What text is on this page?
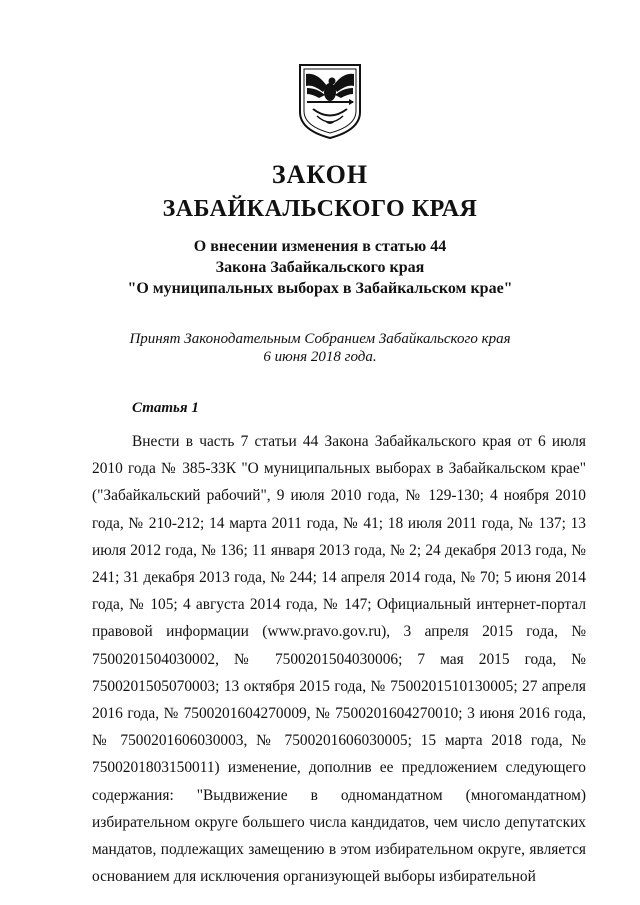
ЗАКОН
ЗАБАЙКАЛЬСКОГО КРАЯ
О внесении изменения в статью 44
Закона Забайкальского края
"О муниципальных выборах в Забайкальском крае"
Принят Законодательным Собранием Забайкальского края
6 июня 2018 года.
Статья 1
Внести в часть 7 статьи 44 Закона Забайкальского края от 6 июля 2010 года № 385-ЗЗК "О муниципальных выборах в Забайкальском крае" ("Забайкальский рабочий", 9 июля 2010 года, № 129-130; 4 ноября 2010 года, № 210-212; 14 марта 2011 года, № 41; 18 июля 2011 года, № 137; 13 июля 2012 года, № 136; 11 января 2013 года, № 2; 24 декабря 2013 года, № 241; 31 декабря 2013 года, № 244; 14 апреля 2014 года, № 70; 5 июня 2014 года, № 105; 4 августа 2014 года, № 147; Официальный интернет-портал правовой информации (www.pravo.gov.ru), 3 апреля 2015 года, № 7500201504030002, № 7500201504030006; 7 мая 2015 года, № 7500201505070003; 13 октября 2015 года, № 7500201510130005; 27 апреля 2016 года, № 7500201604270009, № 7500201604270010; 3 июня 2016 года, № 7500201606030003, № 7500201606030005; 15 марта 2018 года, № 7500201803150011) изменение, дополнив ее предложением следующего содержания: "Выдвижение в одномандатном (многомандатном) избирательном округе большего числа кандидатов, чем число депутатских мандатов, подлежащих замещению в этом избирательном округе, является основанием для исключения организующей выборы избирательной
